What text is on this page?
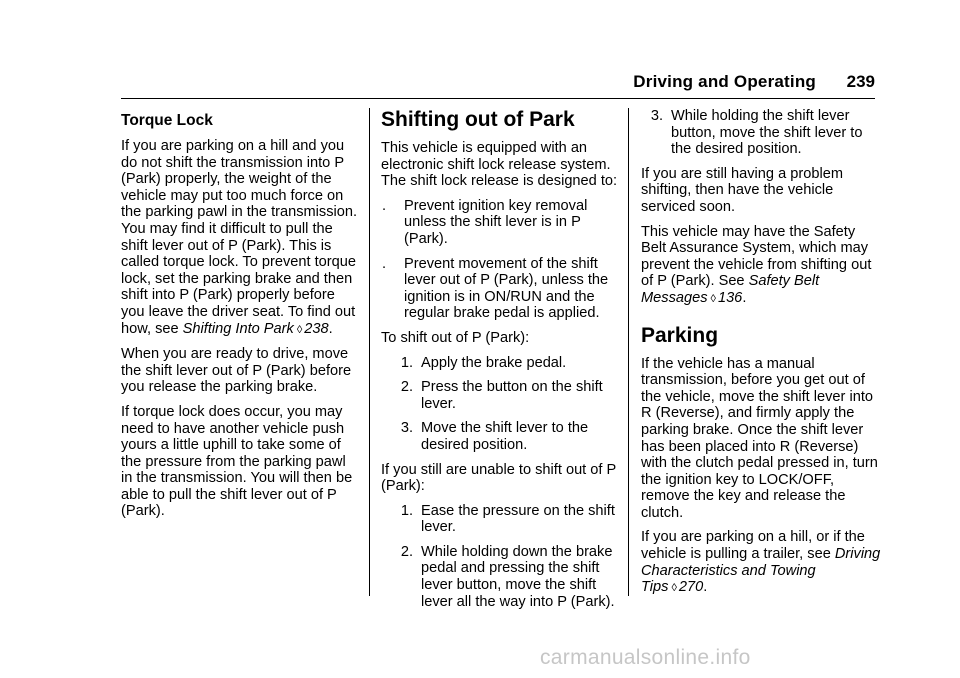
Driving and Operating 239
Torque Lock

If you are parking on a hill and you do not shift the transmission into P (Park) properly, the weight of the vehicle may put too much force on the parking pawl in the transmission. You may find it difficult to pull the shift lever out of P (Park). This is called torque lock. To prevent torque lock, set the parking brake and then shift into P (Park) properly before you leave the driver seat. To find out how, see Shifting Into Park ◊ 238.

When you are ready to drive, move the shift lever out of P (Park) before you release the parking brake.

If torque lock does occur, you may need to have another vehicle push yours a little uphill to take some of the pressure from the parking pawl in the transmission. You will then be able to pull the shift lever out of P (Park).

Shifting out of Park

This vehicle is equipped with an electronic shift lock release system. The shift lock release is designed to:

.	Prevent ignition key removal unless the shift lever is in P (Park).
.	Prevent movement of the shift lever out of P (Park), unless the ignition is in ON/RUN and the regular brake pedal is applied.

To shift out of P (Park):

1. Apply the brake pedal.
2. Press the button on the shift lever.
3. Move the shift lever to the desired position.

If you still are unable to shift out of P (Park):

1. Ease the pressure on the shift lever.
2. While holding down the brake pedal and pressing the shift lever button, move the shift lever all the way into P (Park).
3. While holding the shift lever button, move the shift lever to the desired position.

If you are still having a problem shifting, then have the vehicle serviced soon.

This vehicle may have the Safety Belt Assurance System, which may prevent the vehicle from shifting out of P (Park). See Safety Belt Messages ◊ 136.

Parking

If the vehicle has a manual transmission, before you get out of the vehicle, move the shift lever into R (Reverse), and firmly apply the parking brake. Once the shift lever has been placed into R (Reverse) with the clutch pedal pressed in, turn the ignition key to LOCK/OFF, remove the key and release the clutch.

If you are parking on a hill, or if the vehicle is pulling a trailer, see Driving Characteristics and Towing Tips ◊ 270.

carmanualsonline.info
